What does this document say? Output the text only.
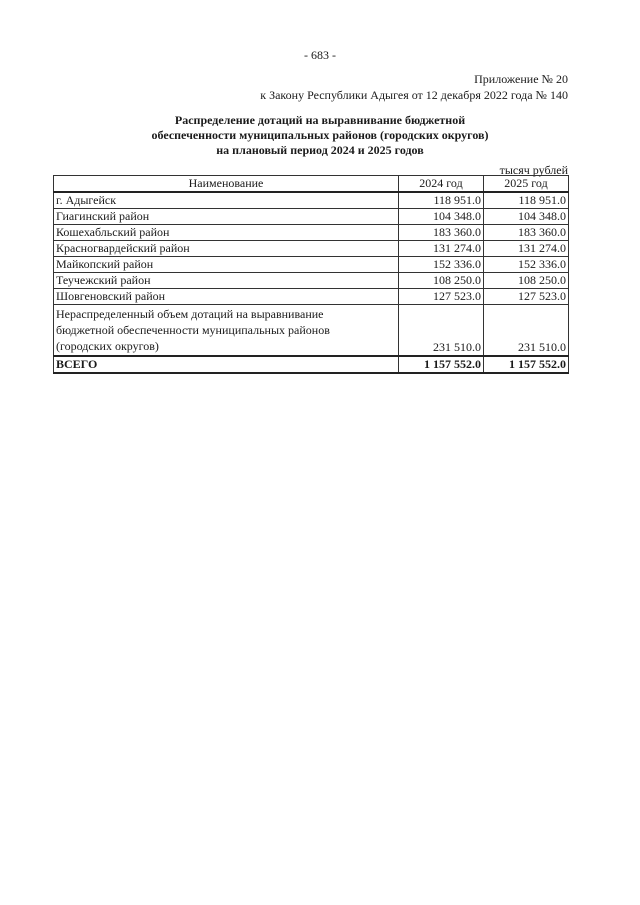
- 683 -
Приложение № 20
к Закону Республики Адыгея от 12 декабря 2022 года № 140
Распределение дотаций на выравнивание бюджетной
обеспеченности муниципальных районов (городских округов)
на плановый период 2024 и 2025 годов
тысяч рублей
Наименование	2024 год	2025 год
г. Адыгейск	118 951.0	118 951.0
Гиагинский район	104 348.0	104 348.0
Кошехабльский район	183 360.0	183 360.0
Красногвардейский район	131 274.0	131 274.0
Майкопский район	152 336.0	152 336.0
Теучежский район	108 250.0	108 250.0
Шовгеновский район	127 523.0	127 523.0

Нераспределенный объем дотаций на выравнивание
бюджетной обеспеченности муниципальных районов
(городских округов)	231 510.0	231 510.0
ВСЕГО	1 157 552.0	1 157 552.0
